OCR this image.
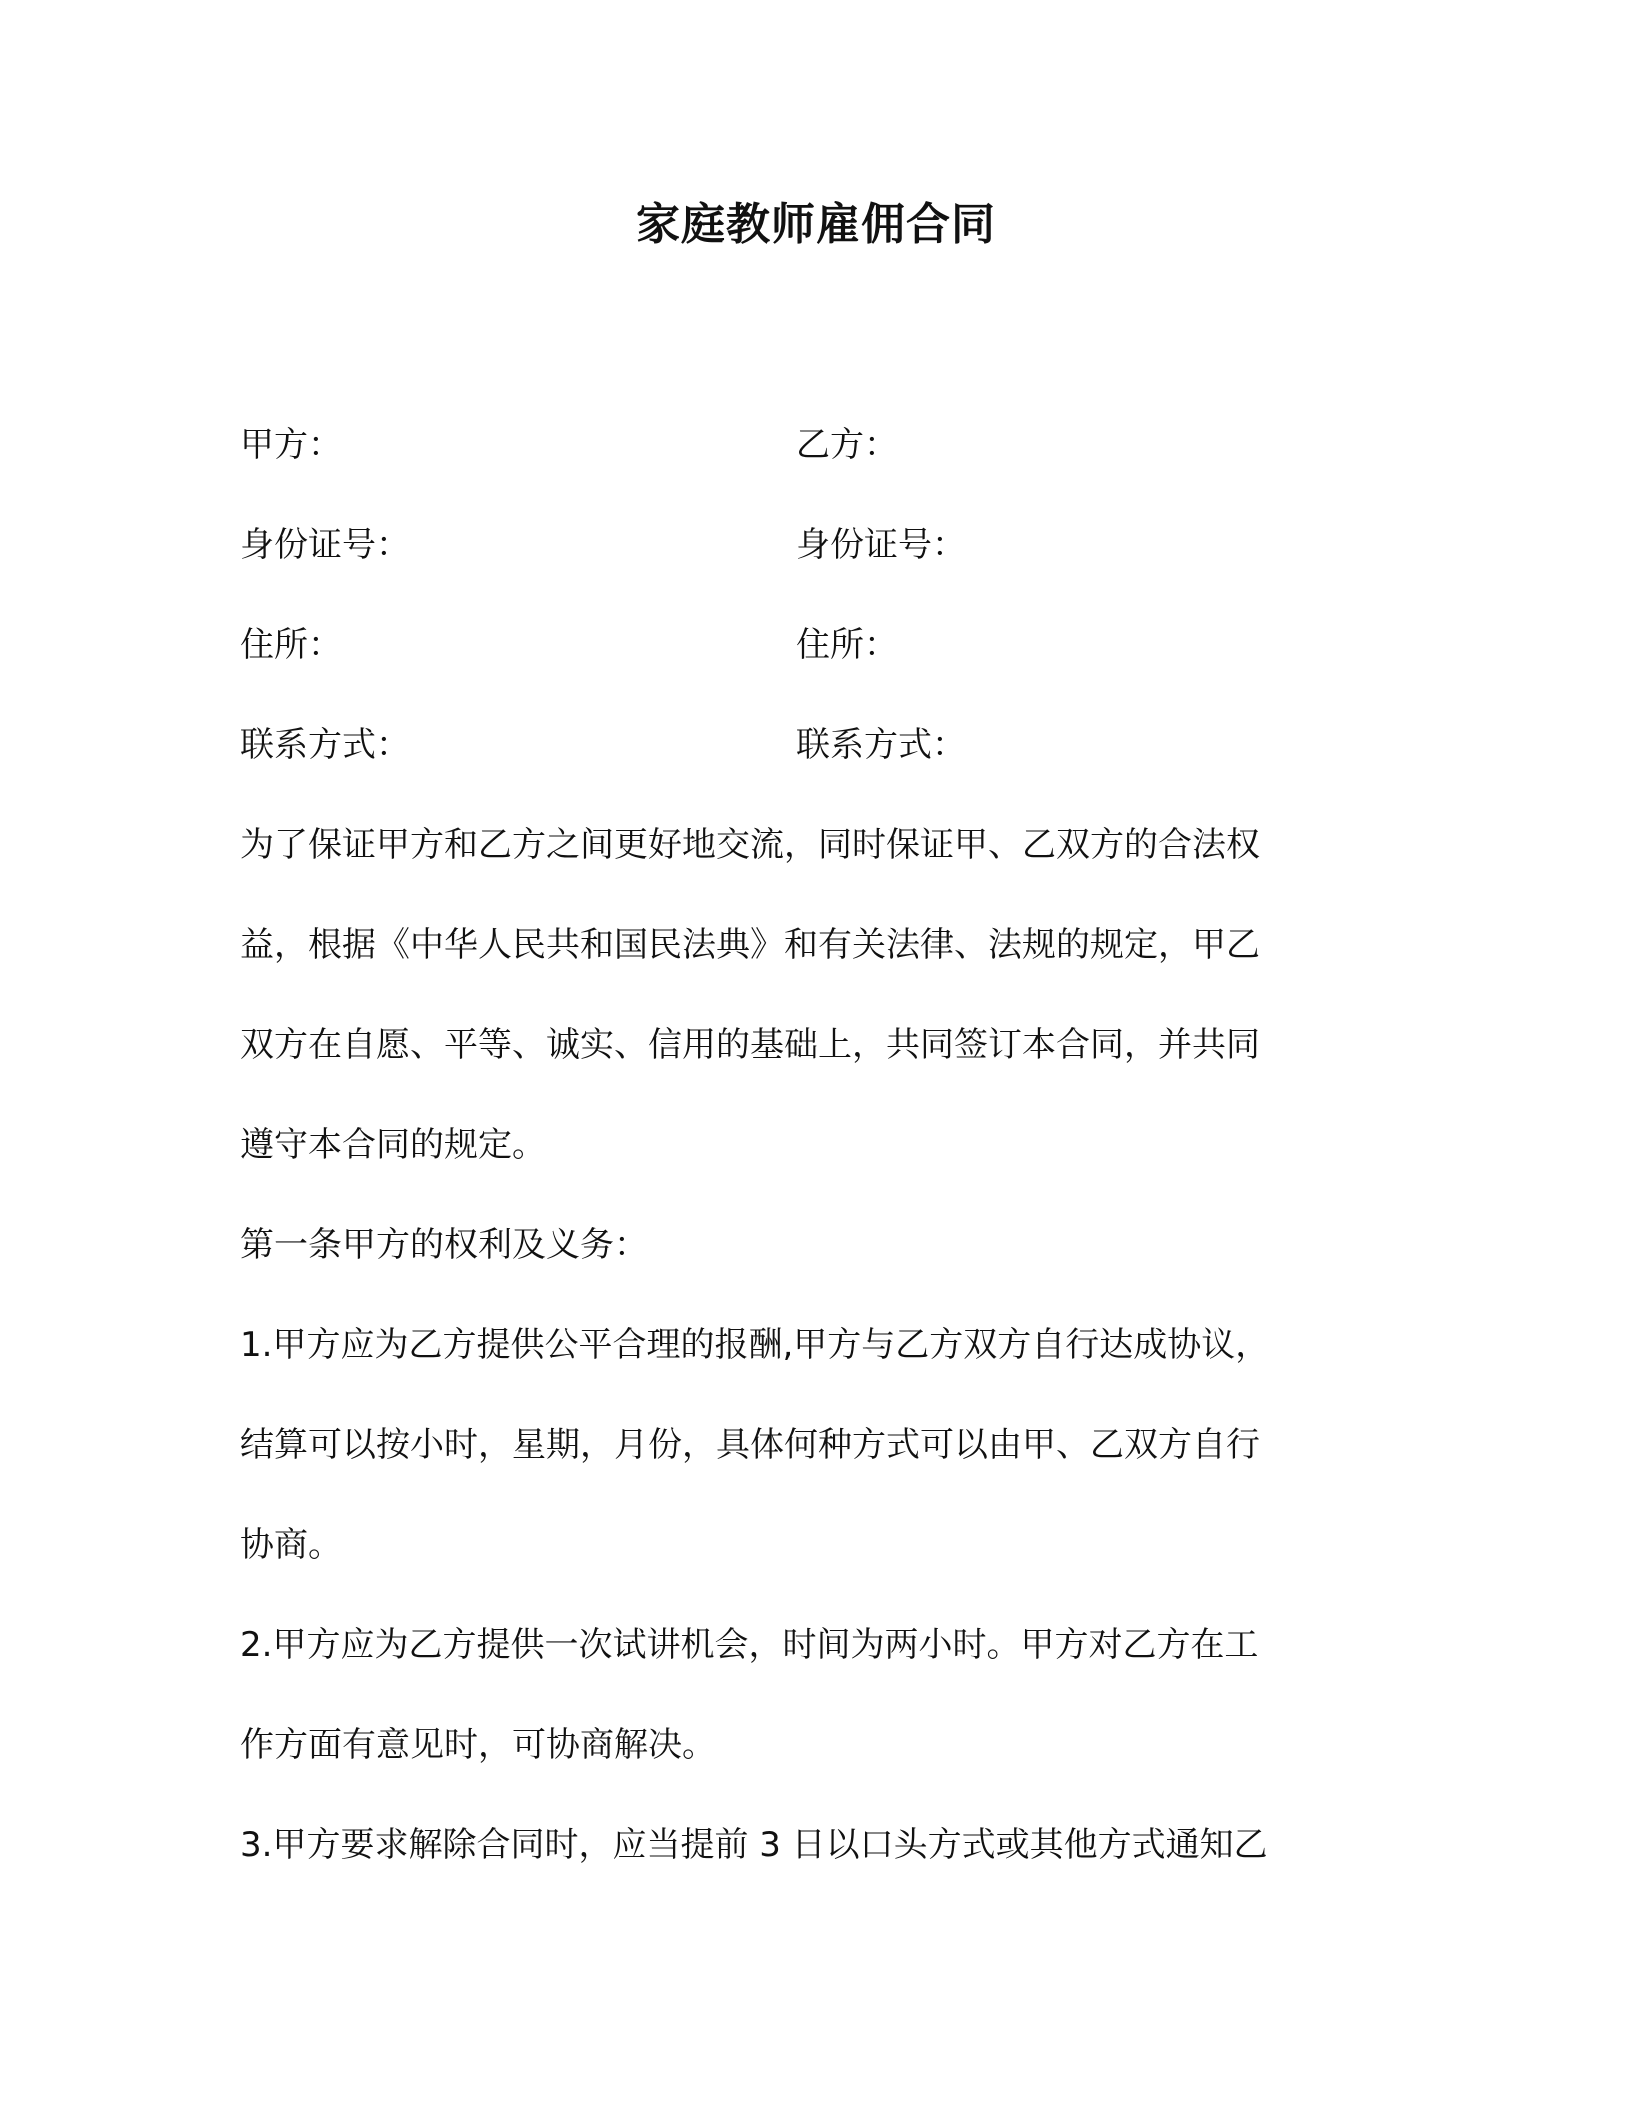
家庭教师雇佣合同
甲方：	乙方：
身份证号：	身份证号：
住所：	住所：
联系方式：	联系方式：
为了保证甲方和乙方之间更好地交流，同时保证甲、乙双方的合法权
益，根据《中华人民共和国民法典》和有关法律、法规的规定，甲乙
双方在自愿、平等、诚实、信用的基础上，共同签订本合同，并共同
遵守本合同的规定。
第一条甲方的权利及义务：
1.甲方应为乙方提供公平合理的报酬,甲方与乙方双方自行达成协议，
结算可以按小时，星期，月份，具体何种方式可以由甲、乙双方自行
协商。
2.甲方应为乙方提供一次试讲机会，时间为两小时。甲方对乙方在工
作方面有意见时，可协商解决。
3.甲方要求解除合同时，应当提前 3 日以口头方式或其他方式通知乙
